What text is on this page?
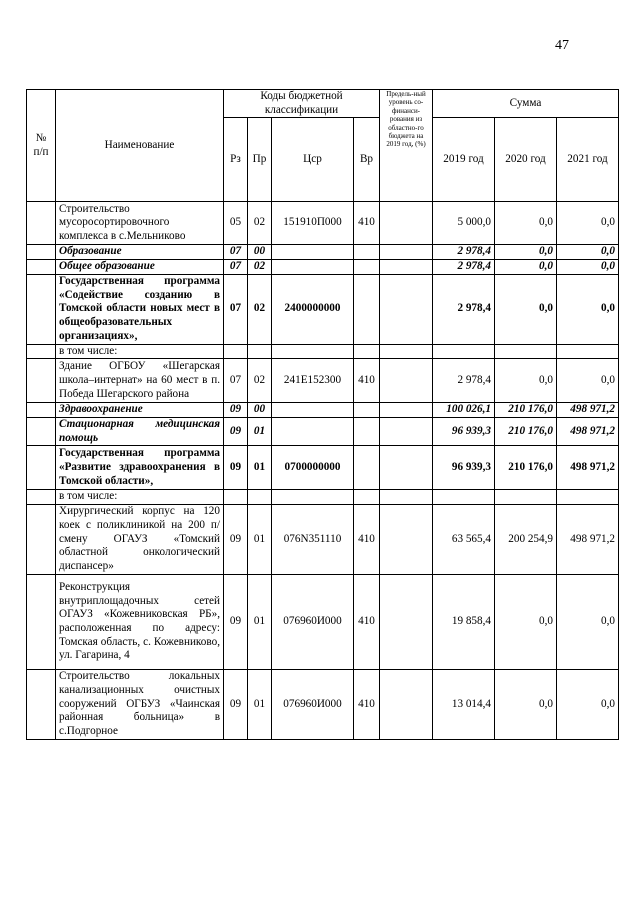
47
№ п/п	Наименование	Коды бюджетной классификации				Предель-ный уровень со-финанси-рования из областно-го бюджета на 2019 год, (%)	Сумма		
		Рз	Пр	Цср	Вр		2019 год	2020 год	2021 год
	Строительство мусоросортировочного комплекса в с.Мельниково	05	02	151910П000	410		5 000,0	0,0	0,0
	Образование	07	00				2 978,4	0,0	0,0
	Общее образование	07	02				2 978,4	0,0	0,0
	Государственная программа «Содействие созданию в Томской области новых мест в общеобразовательных организациях»,	07	02	2400000000			2 978,4	0,0	0,0
	в том числе:								
	Здание ОГБОУ «Шегарская школа–интернат» на 60 мест в п. Победа Шегарского района	07	02	241E152300	410		2 978,4	0,0	0,0
	Здравоохранение	09	00				100 026,1	210 176,0	498 971,2
	Стационарная медицинская помощь	09	01				96 939,3	210 176,0	498 971,2
	Государственная программа «Развитие здравоохранения в Томской области»,	09	01	0700000000			96 939,3	210 176,0	498 971,2
	в том числе:								
	Хирургический корпус на 120 коек с поликлиникой на 200 п/смену ОГАУЗ «Томский областной онкологический диспансер»	09	01	076N351110	410		63 565,4	200 254,9	498 971,2
	Реконструкция внутриплощадочных сетей ОГАУЗ «Кожевниковская РБ», расположенная по адресу: Томская область, с. Кожевниково, ул. Гагарина, 4	09	01	076960И000	410		19 858,4	0,0	0,0
	Строительство локальных канализационных очистных сооружений ОГБУЗ «Чаинская районная больница» в с.Подгорное	09	01	076960И000	410		13 014,4	0,0	0,0
